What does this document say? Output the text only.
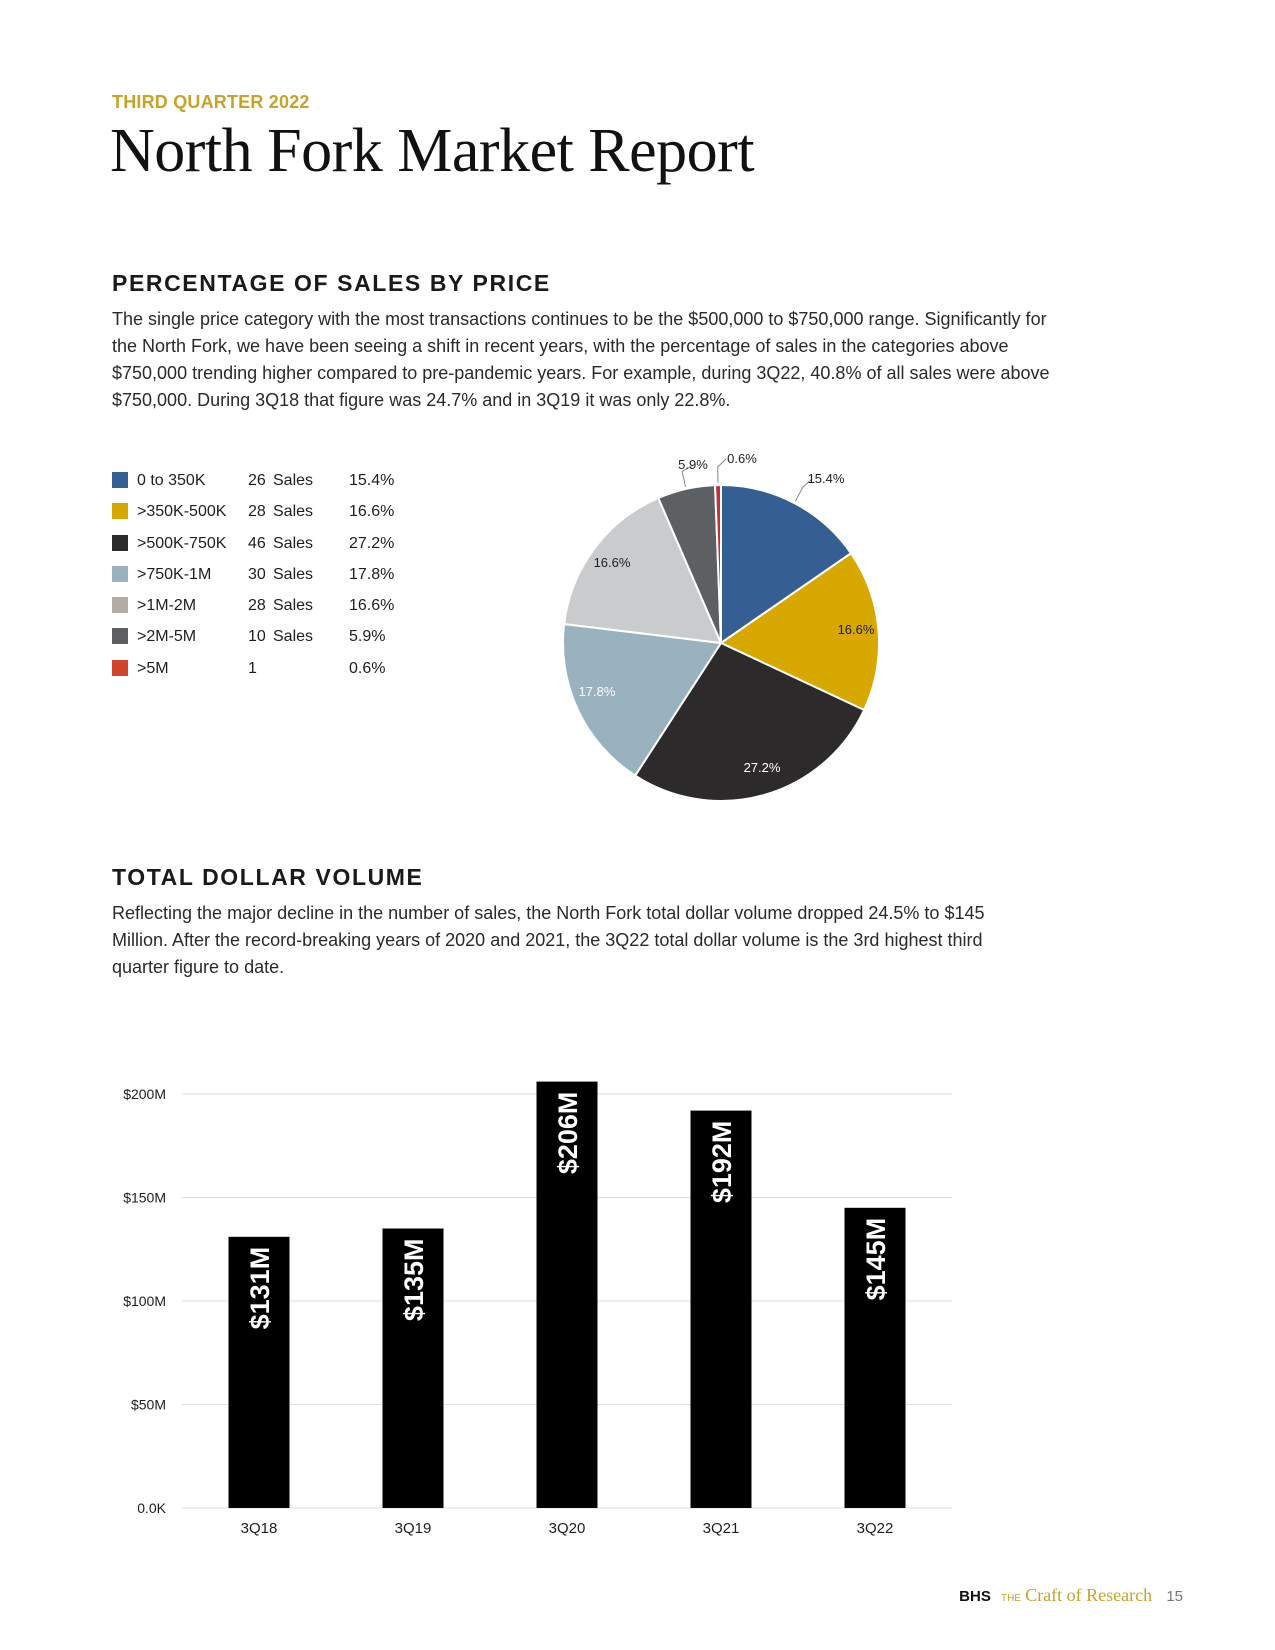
THIRD QUARTER 2022
North Fork Market Report
PERCENTAGE OF SALES BY PRICE
The single price category with the most transactions continues to be the $500,000 to $750,000 range. Significantly for the North Fork, we have been seeing a shift in recent years, with the percentage of sales in the categories above $750,000 trending higher compared to pre-pandemic years. For example, during 3Q22, 40.8% of all sales were above $750,000. During 3Q18 that figure was 24.7% and in 3Q19 it was only 22.8%.
0 to 350K	26 Sales 15.4%
>350K-500K 28 Sales 16.6%
>500K-750K 46 Sales 27.2%
>750K-1M 30 Sales 17.8%
>1M-2M	28 Sales 16.6%
>2M-5M	10 Sales 5.9%
>5M	1	0.6%
15.4%
16.6%
27.2%
17.8%
16.6%
5.9% 0.6%
TOTAL DOLLAR VOLUME
Reflecting the major decline in the number of sales, the North Fork total dollar volume dropped 24.5% to $145 Million. After the record-breaking years of 2020 and 2021, the 3Q22 total dollar volume is the 3rd highest third quarter figure to date.
0.0K
$50M
$100M
$150M
$200M
$131M
3Q18
$135M
3Q19
$206M
3Q20
$192M
3Q21
$145M
3Q22
BHS THE Craft of Research 15
